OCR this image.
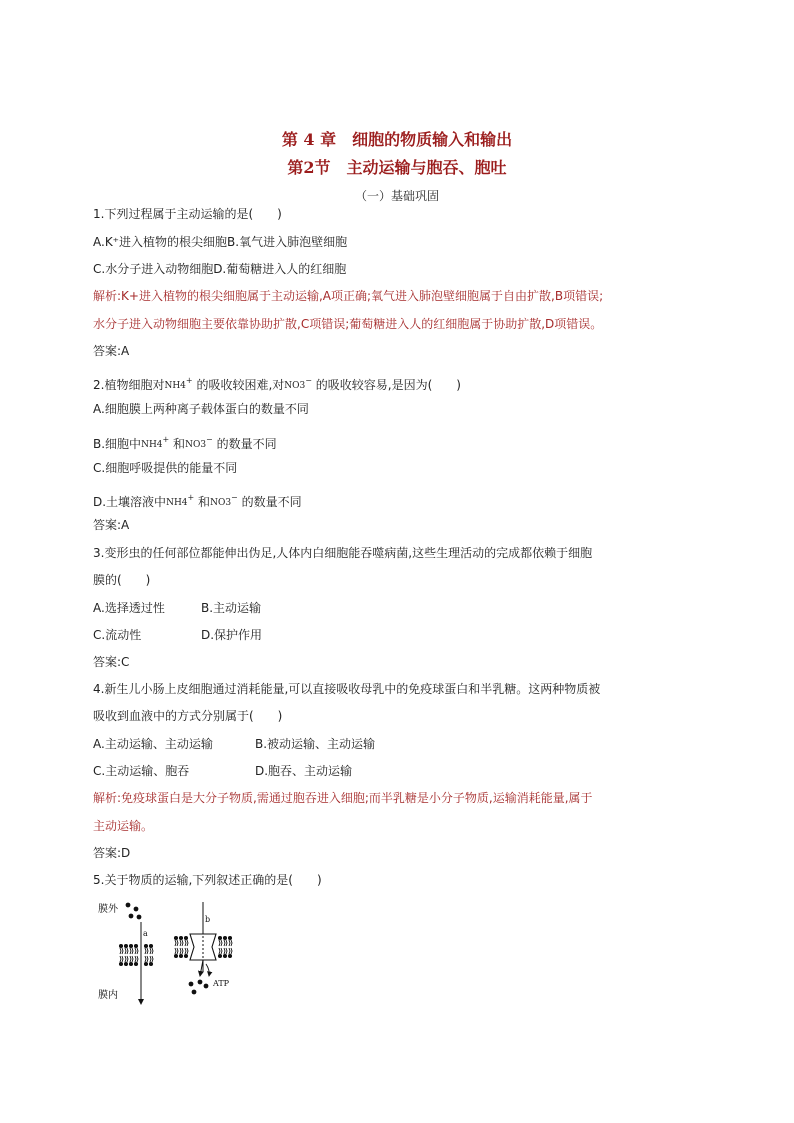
第 4 章　细胞的物质输入和输出
第2节　主动运输与胞吞、胞吐
（一）基础巩固
1.下列过程属于主动运输的是(　　)
A.K⁺进入植物的根尖细胞B.氧气进入肺泡壁细胞
C.水分子进入动物细胞D.葡萄糖进入人的红细胞
解析:K+进入植物的根尖细胞属于主动运输,A项正确;氧气进入肺泡壁细胞属于自由扩散,B项错误;
水分子进入动物细胞主要依靠协助扩散,C项错误;葡萄糖进入人的红细胞属于协助扩散,D项错误。
答案:A
2.植物细胞对NH4+ 的吸收较困难,对NO3− 的吸收较容易,是因为(　　)
A.细胞膜上两种离子载体蛋白的数量不同
B.细胞中NH4+ 和NO3− 的数量不同
C.细胞呼吸提供的能量不同
D.土壤溶液中NH4+ 和NO3− 的数量不同
答案:A
3.变形虫的任何部位都能伸出伪足,人体内白细胞能吞噬病菌,这些生理活动的完成都依赖于细胞
膜的(　　)
A.选择透过性	B.主动运输
C.流动性	D.保护作用
答案:C
4.新生儿小肠上皮细胞通过消耗能量,可以直接吸收母乳中的免疫球蛋白和半乳糖。这两种物质被
吸收到血液中的方式分别属于(　　)
A.主动运输、主动运输	B.被动运输、主动运输
C.主动运输、胞吞	D.胞吞、主动运输
解析:免疫球蛋白是大分子物质,需通过胞吞进入细胞;而半乳糖是小分子物质,运输消耗能量,属于
主动运输。
答案:D
5.关于物质的运输,下列叙述正确的是(　　)
膜外
膜内
a
b
ATP
